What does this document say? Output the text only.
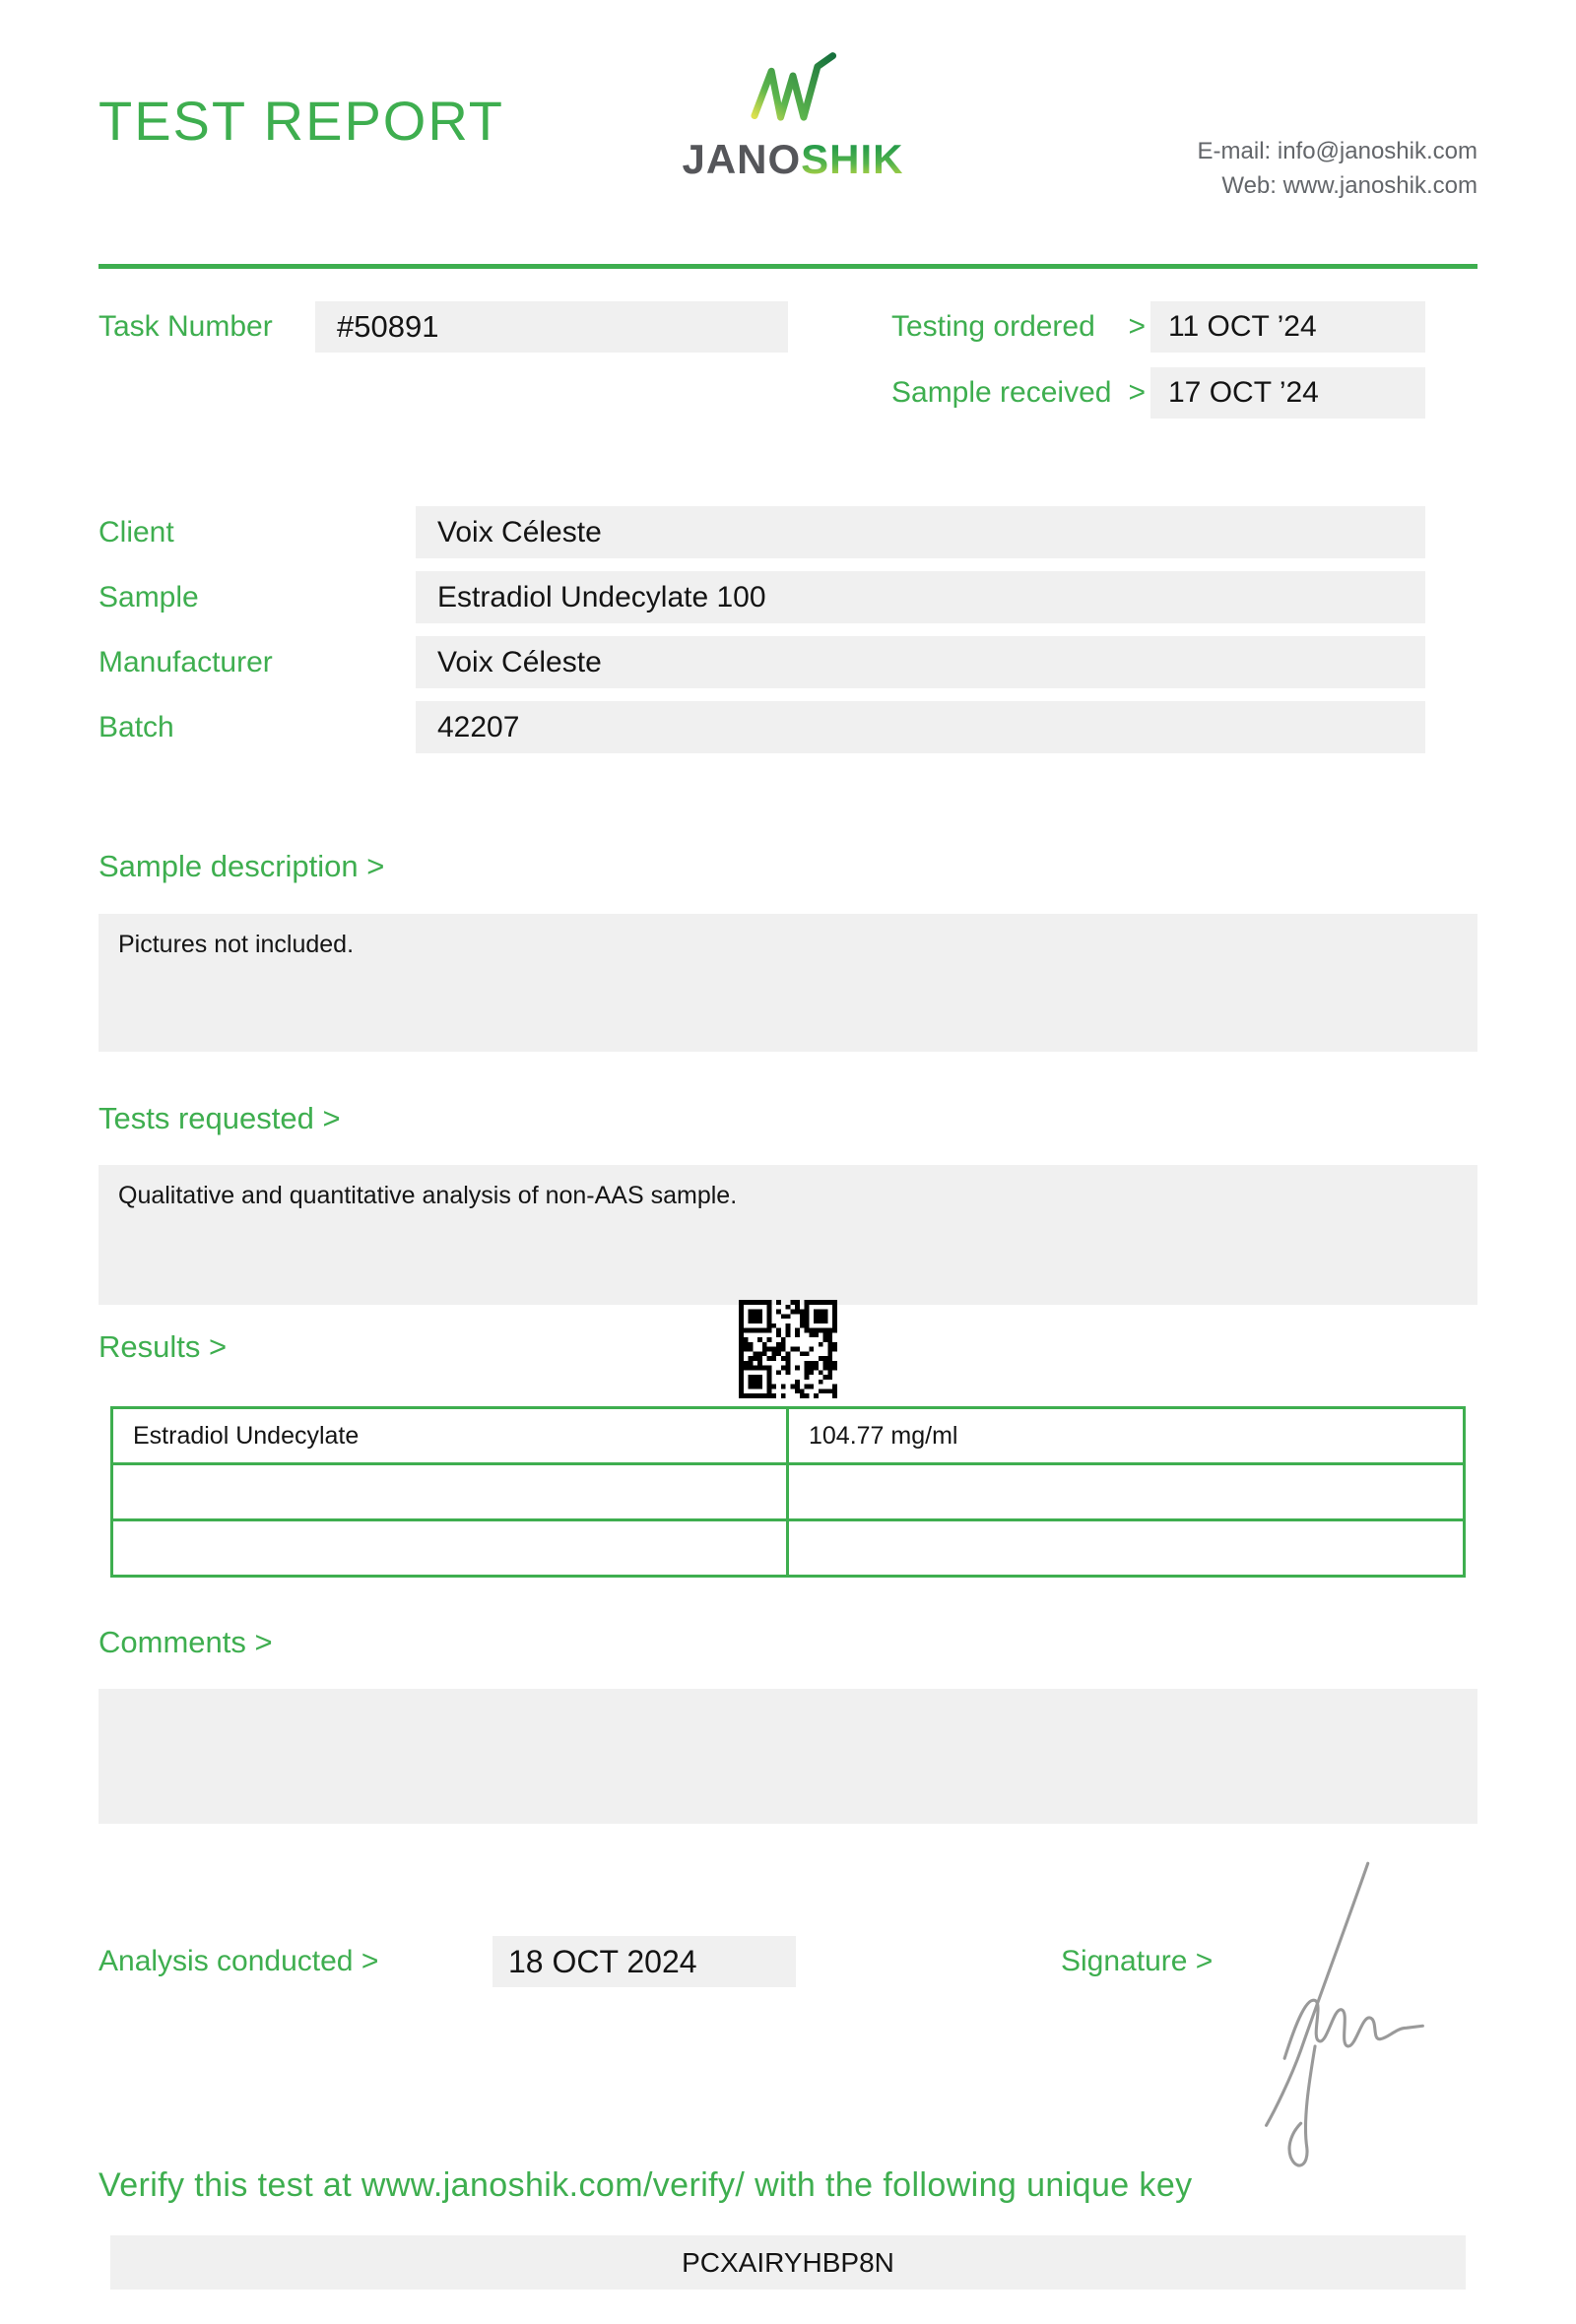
TEST REPORT
JANOSHIK	E-mail: info@janoshik.com
Web: www.janoshik.com
Task Number	#50891	Testing ordered > 11 OCT ’24
Sample received > 17 OCT ’24
Client	Voix Céleste
Sample	Estradiol Undecylate 100
Manufacturer	Voix Céleste
Batch	42207
Sample description >
Pictures not included.
Tests requested >
Qualitative and quantitative analysis of non-AAS sample.
Results >
Estradiol Undecylate	104.77 mg/ml
Comments >
Analysis conducted >	18 OCT 2024	Signature >
Verify this test at www.janoshik.com/verify/ with the following unique key
PCXAIRYHBP8N
